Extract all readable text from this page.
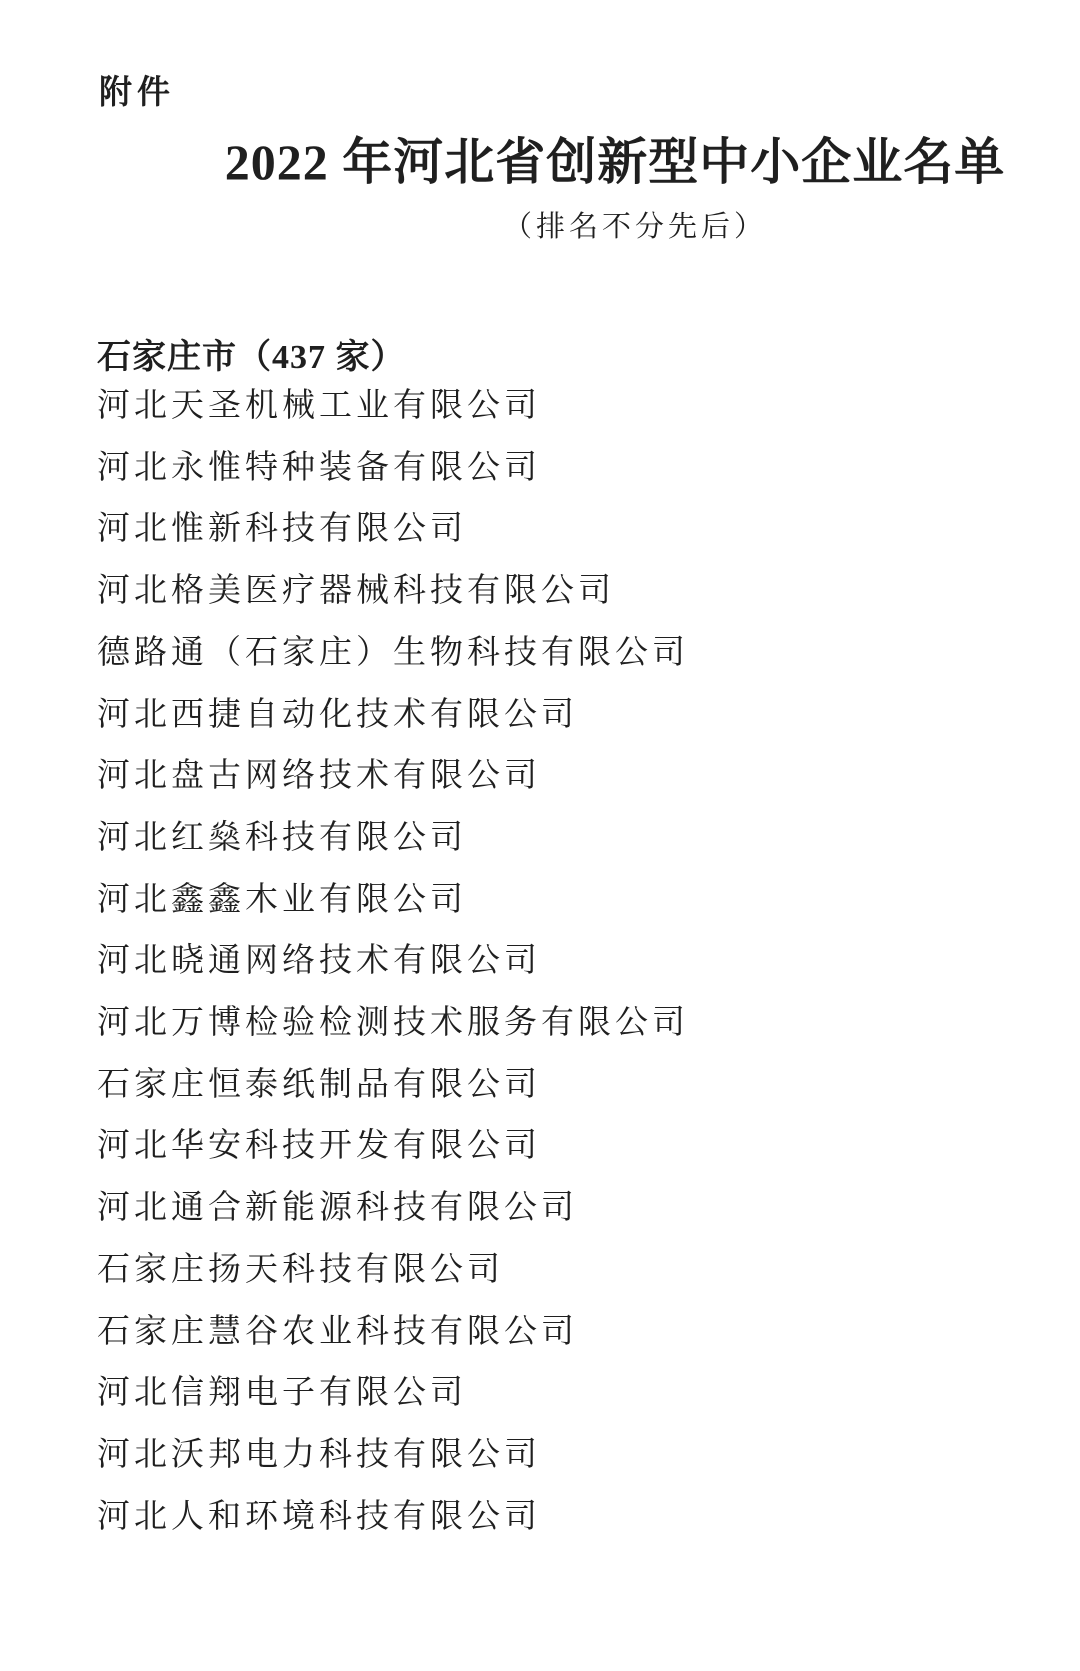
附件
2022 年河北省创新型中小企业名单
（排名不分先后）
石家庄市（437 家）
河北天圣机械工业有限公司
河北永惟特种装备有限公司
河北惟新科技有限公司
河北格美医疗器械科技有限公司
德路通（石家庄）生物科技有限公司
河北西捷自动化技术有限公司
河北盘古网络技术有限公司
河北红燊科技有限公司
河北鑫鑫木业有限公司
河北晓通网络技术有限公司
河北万博检验检测技术服务有限公司
石家庄恒泰纸制品有限公司
河北华安科技开发有限公司
河北通合新能源科技有限公司
石家庄扬天科技有限公司
石家庄慧谷农业科技有限公司
河北信翔电子有限公司
河北沃邦电力科技有限公司
河北人和环境科技有限公司
